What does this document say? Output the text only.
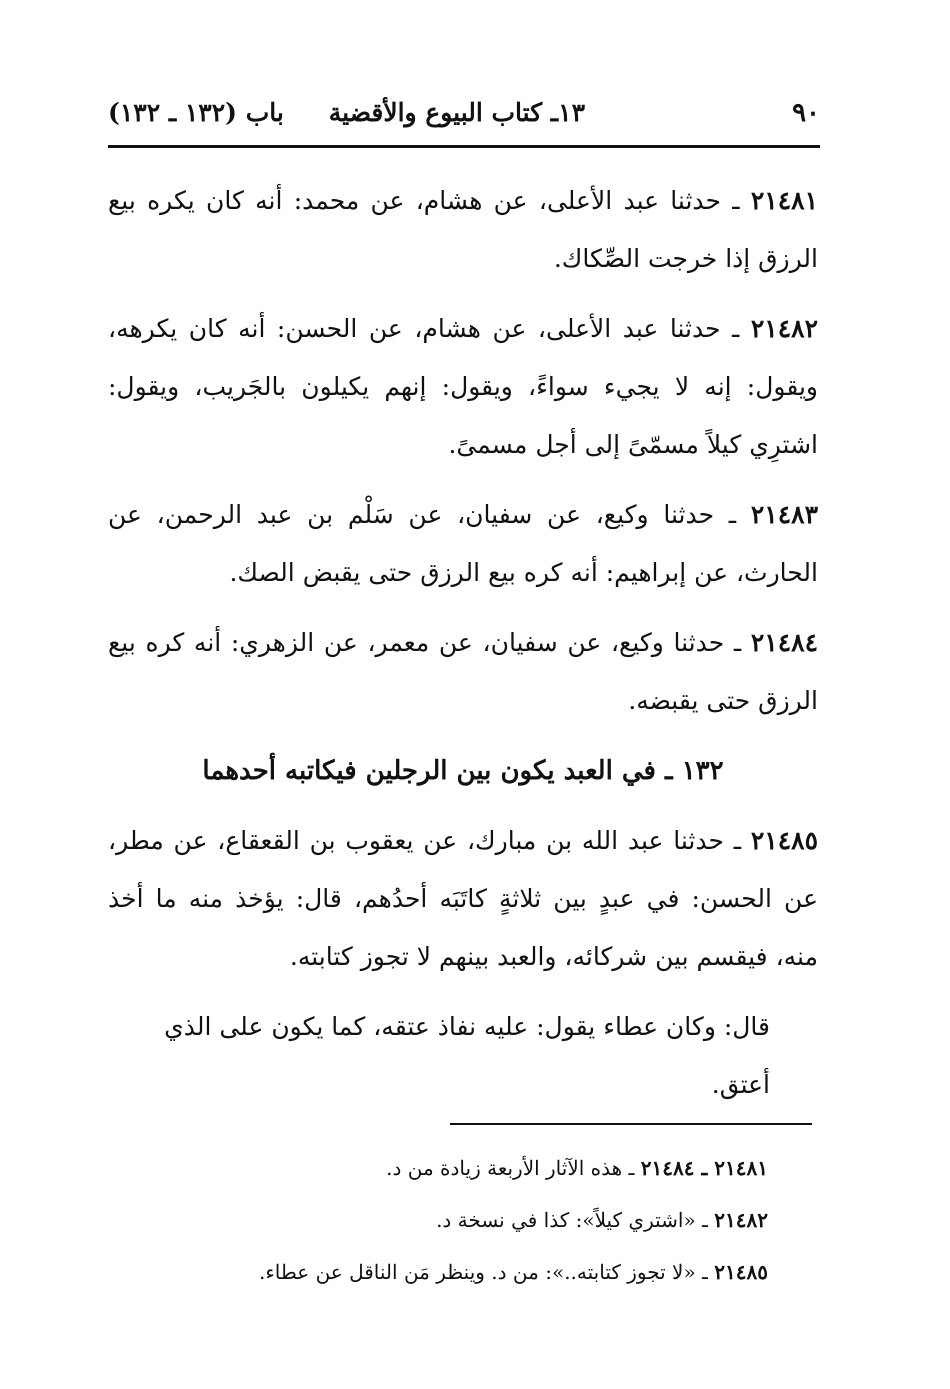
٩٠
١٣ـ كتاب البيوع والأقضية
باب (١٣٢ ـ ١٣٢)

٢١٤٨١ ـ حدثنا عبد الأعلى، عن هشام، عن محمد: أنه كان يكره بيع الرزق إذا خرجت الصِّكاك.

٢١٤٨٢ ـ حدثنا عبد الأعلى، عن هشام، عن الحسن: أنه كان يكرهه، ويقول: إنه لا يجيء سواءً، ويقول: إنهم يكيلون بالجَريب، ويقول: اشترِي كيلاً مسمّىً إلى أجل مسمىً.

٢١٤٨٣ ـ حدثنا وكيع، عن سفيان، عن سَلْم بن عبد الرحمن، عن الحارث، عن إبراهيم: أنه كره بيع الرزق حتى يقبض الصك.

٢١٤٨٤ ـ حدثنا وكيع، عن سفيان، عن معمر، عن الزهري: أنه كره بيع الرزق حتى يقبضه.

١٣٢ ـ في العبد يكون بين الرجلين فيكاتبه أحدهما

٢١٤٨٥ ـ حدثنا عبد الله بن مبارك، عن يعقوب بن القعقاع، عن مطر، عن الحسن: في عبدٍ بين ثلاثةٍ كاتَبَه أحدُهم، قال: يؤخذ منه ما أخذ منه، فيقسم بين شركائه، والعبد بينهم لا تجوز كتابته.

قال: وكان عطاء يقول: عليه نفاذ عتقه، كما يكون على الذي أعتق.

٢١٤٨١ ـ ٢١٤٨٤ ـ هذه الآثار الأربعة زيادة من د.

٢١٤٨٢ ـ «اشتري كيلاً»: كذا في نسخة د.

٢١٤٨٥ ـ «لا تجوز كتابته..»: من د. وينظر مَن الناقل عن عطاء.
